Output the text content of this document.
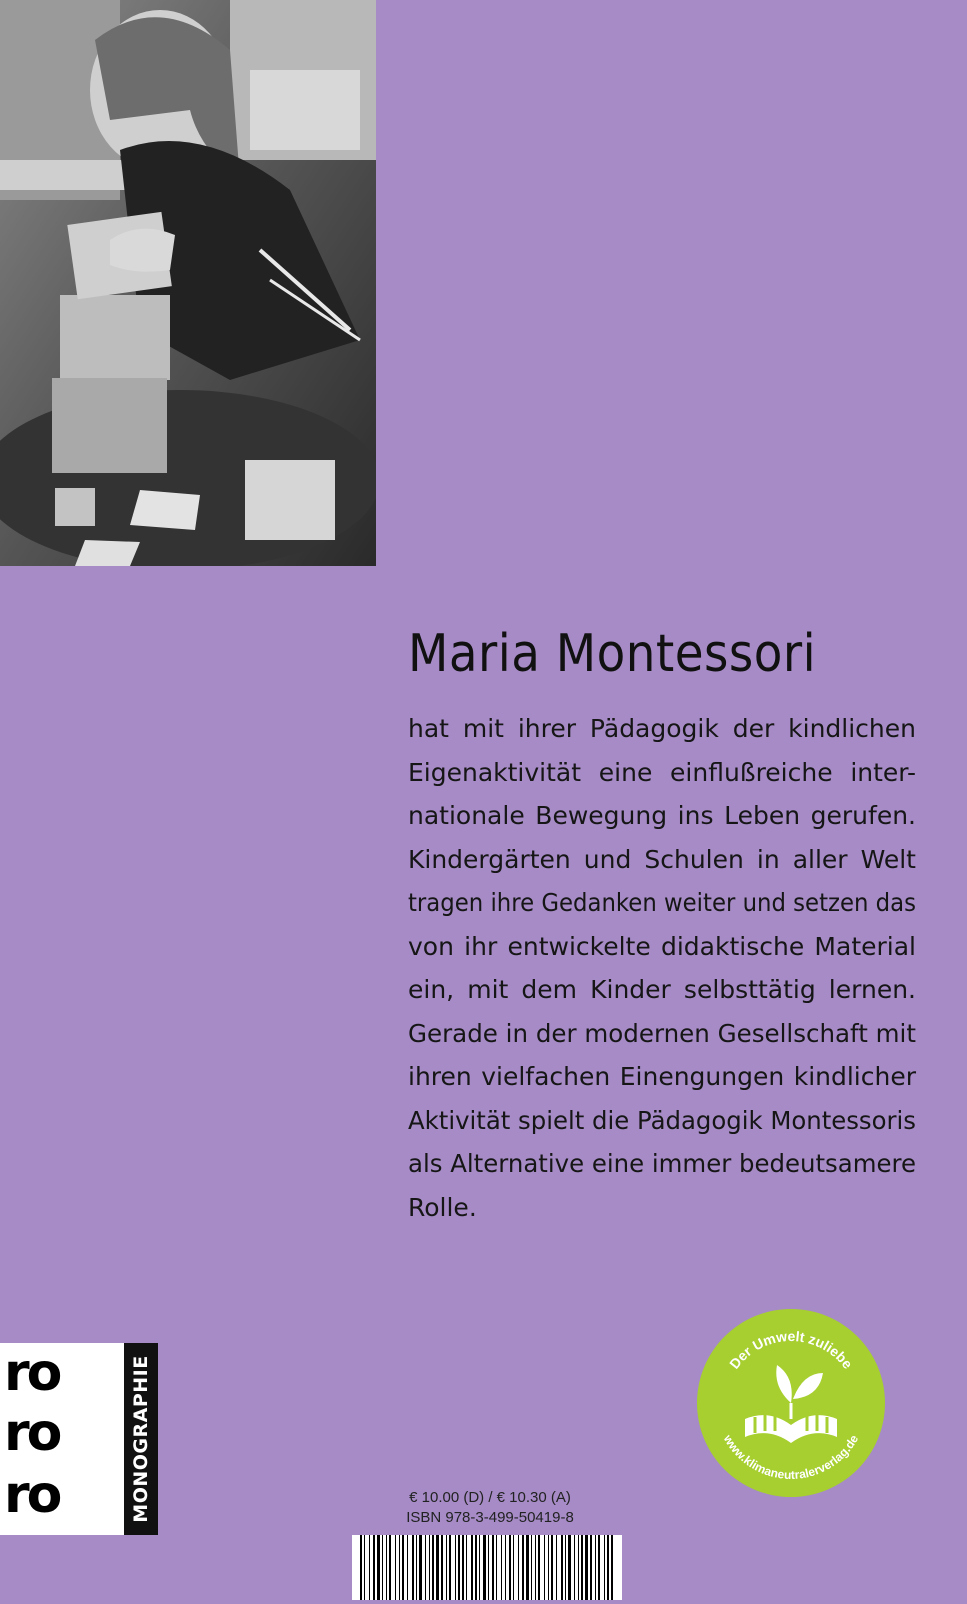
Maria Montessori
hat mit ihrer Pädagogik der kindlichen
Eigenaktivität eine einflußreiche inter-
nationale Bewegung ins Leben gerufen.
Kindergärten und Schulen in aller Welt
tragen ihre Gedanken weiter und setzen das
von ihr entwickelte didaktische Material
ein, mit dem Kinder selbsttätig lernen.
Gerade in der modernen Gesellschaft mit
ihren vielfachen Einengungen kindlicher
Aktivität spielt die Pädagogik Montessoris
als Alternative eine immer bedeutsamere
Rolle.
ro
ro
ro	MONOGRAPHIE	Der Umwelt zuliebe
www.klimaneutralerverlag.de
€ 10.00 (D) / € 10.30 (A)
ISBN 978-3-499-50419-8
